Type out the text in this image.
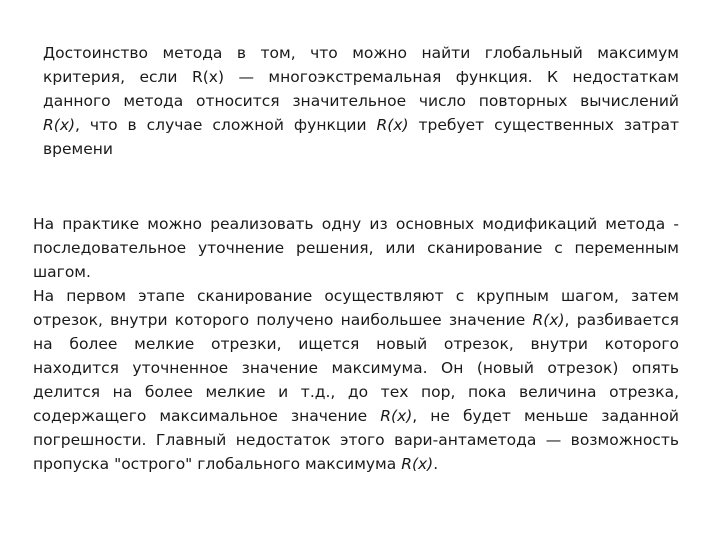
Достоинство метода в том, что можно найти глобальный максимум
критерия, если R(x) — многоэкстремальная функция. К недостаткам
данного метода относится значительное число повторных вычислений
R(x), что в случае сложной функции R(x) требует существенных затрат
времени
На практике можно реализовать одну из основных модификаций метода -
последовательное уточнение решения, или сканирование с переменным
шагом.
На первом этапе сканирование осуществляют с крупным шагом, затем
отрезок, внутри которого получено наибольшее значение R(x), разбивается
на более мелкие отрезки, ищется новый отрезок, внутри которого
находится уточненное значение максимума. Он (новый отрезок) опять
делится на более мелкие и т.д., до тех пор, пока величина отрезка,
содержащего максимальное значение R(x), не будет меньше заданной
погрешности. Главный недостаток этого вари-антаметода — возможность
пропуска "острого" глобального максимума R(x).
